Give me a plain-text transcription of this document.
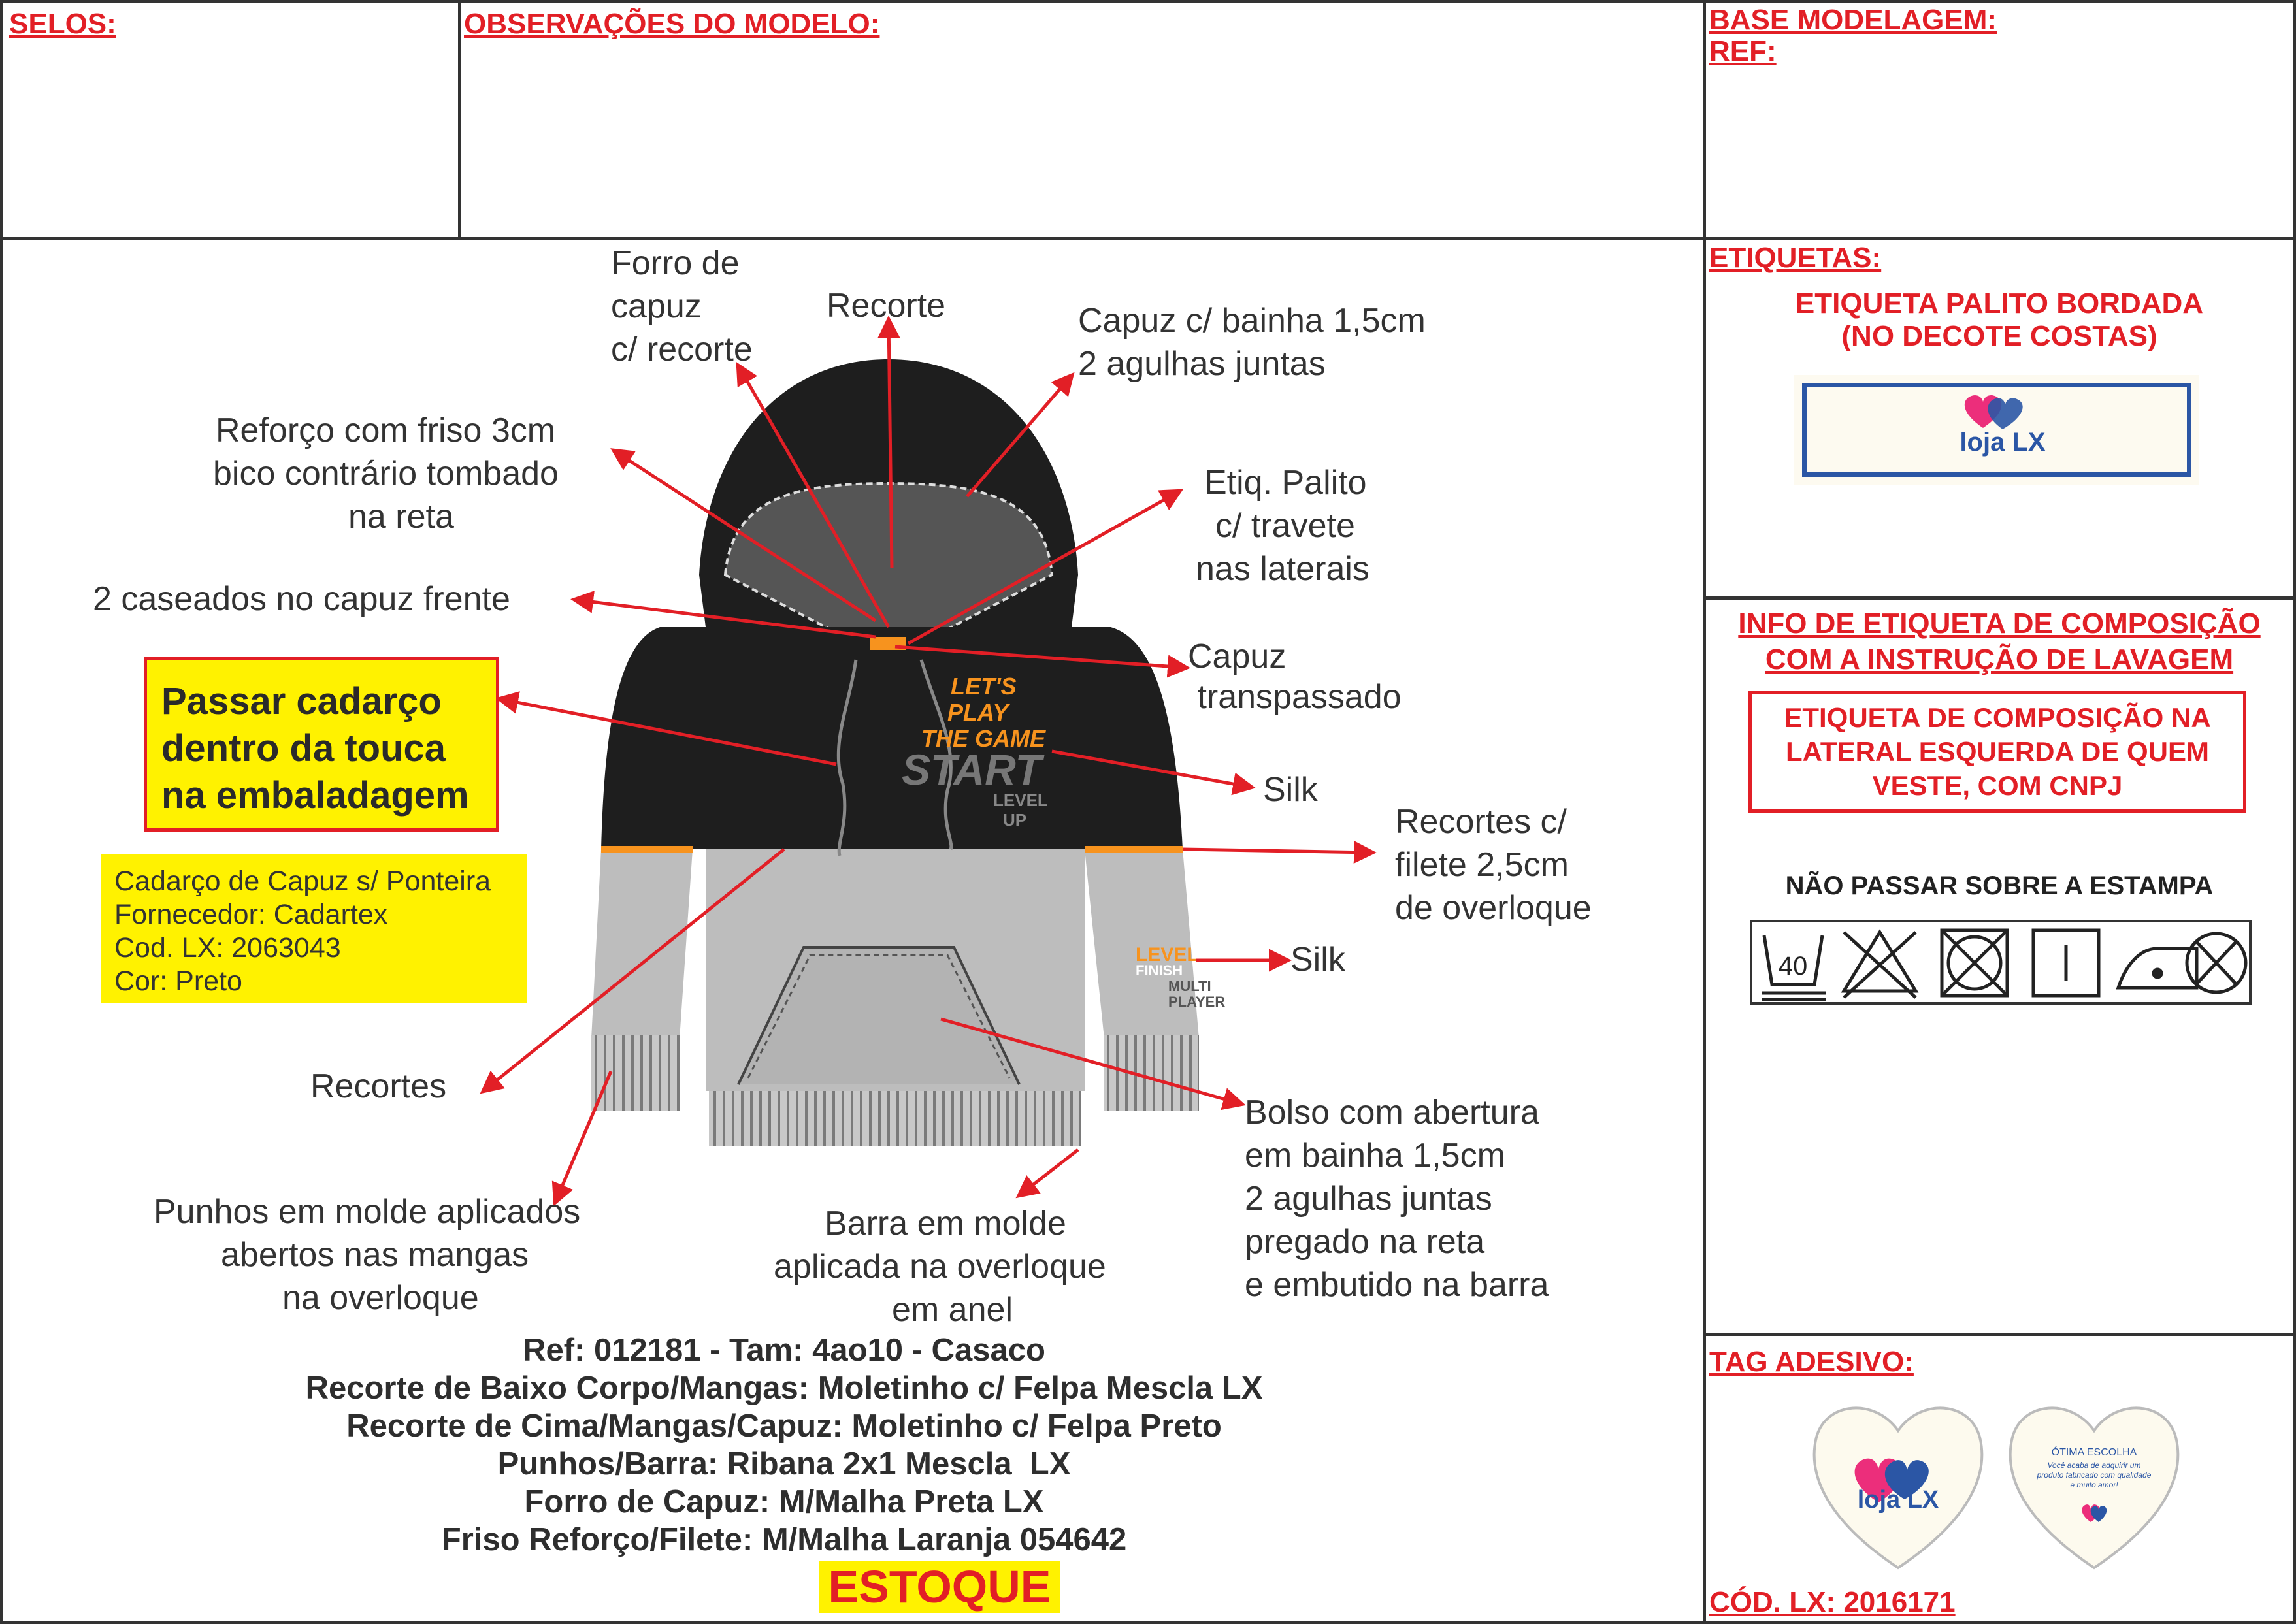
SELOS:	OBSERVAÇÕES DO MODELO:	BASE MODELAGEM:
REF:
ETIQUETAS:
ETIQUETA PALITO BORDADA
(NO DECOTE COSTAS)
loja LX
INFO DE ETIQUETA DE COMPOSIÇÃO
COM A INSTRUÇÃO DE LAVAGEM
ETIQUETA DE COMPOSIÇÃO NA
LATERAL ESQUERDA DE QUEM
VESTE, COM CNPJ
NÃO PASSAR SOBRE A ESTAMPA
40
TAG ADESIVO:
loja LX
ÓTIMA ESCOLHA
Você acaba de adquirir um produto fabricado com qualidade e muito amor!
CÓD. LX: 2016171
LET'S
PLAY
THE GAME
START
LEVEL
UP
LEVEL
FINISH
MULTI
PLAYER
Forro de
capuz
c/ recorte
Recorte	Capuz c/ bainha 1,5cm
2 agulhas juntas
Reforço com friso 3cm
bico contrário tombado
na reta
Etiq. Palito
c/ travete
nas laterais
2 caseados no capuz frente
Capuz
transpassado
Silk
Recortes c/
filete 2,5cm
de overloque
Silk
Recortes
Bolso com abertura
em bainha 1,5cm
2 agulhas juntas
pregado na reta
e embutido na barra
Punhos em molde aplicados
abertos nas mangas
na overloque
Barra em molde
aplicada na overloque
em anel
Passar cadarço
dentro da touca
na embaladagem
Cadarço de Capuz s/ Ponteira
Fornecedor: Cadartex
Cod. LX: 2063043
Cor: Preto
Ref: 012181 - Tam: 4ao10 - Casaco
Recorte de Baixo Corpo/Mangas: Moletinho c/ Felpa Mescla LX
Recorte de Cima/Mangas/Capuz: Moletinho c/ Felpa Preto
Punhos/Barra: Ribana 2x1 Mescla  LX
Forro de Capuz: M/Malha Preta LX
Friso Reforço/Filete: M/Malha Laranja 054642
ESTOQUE
